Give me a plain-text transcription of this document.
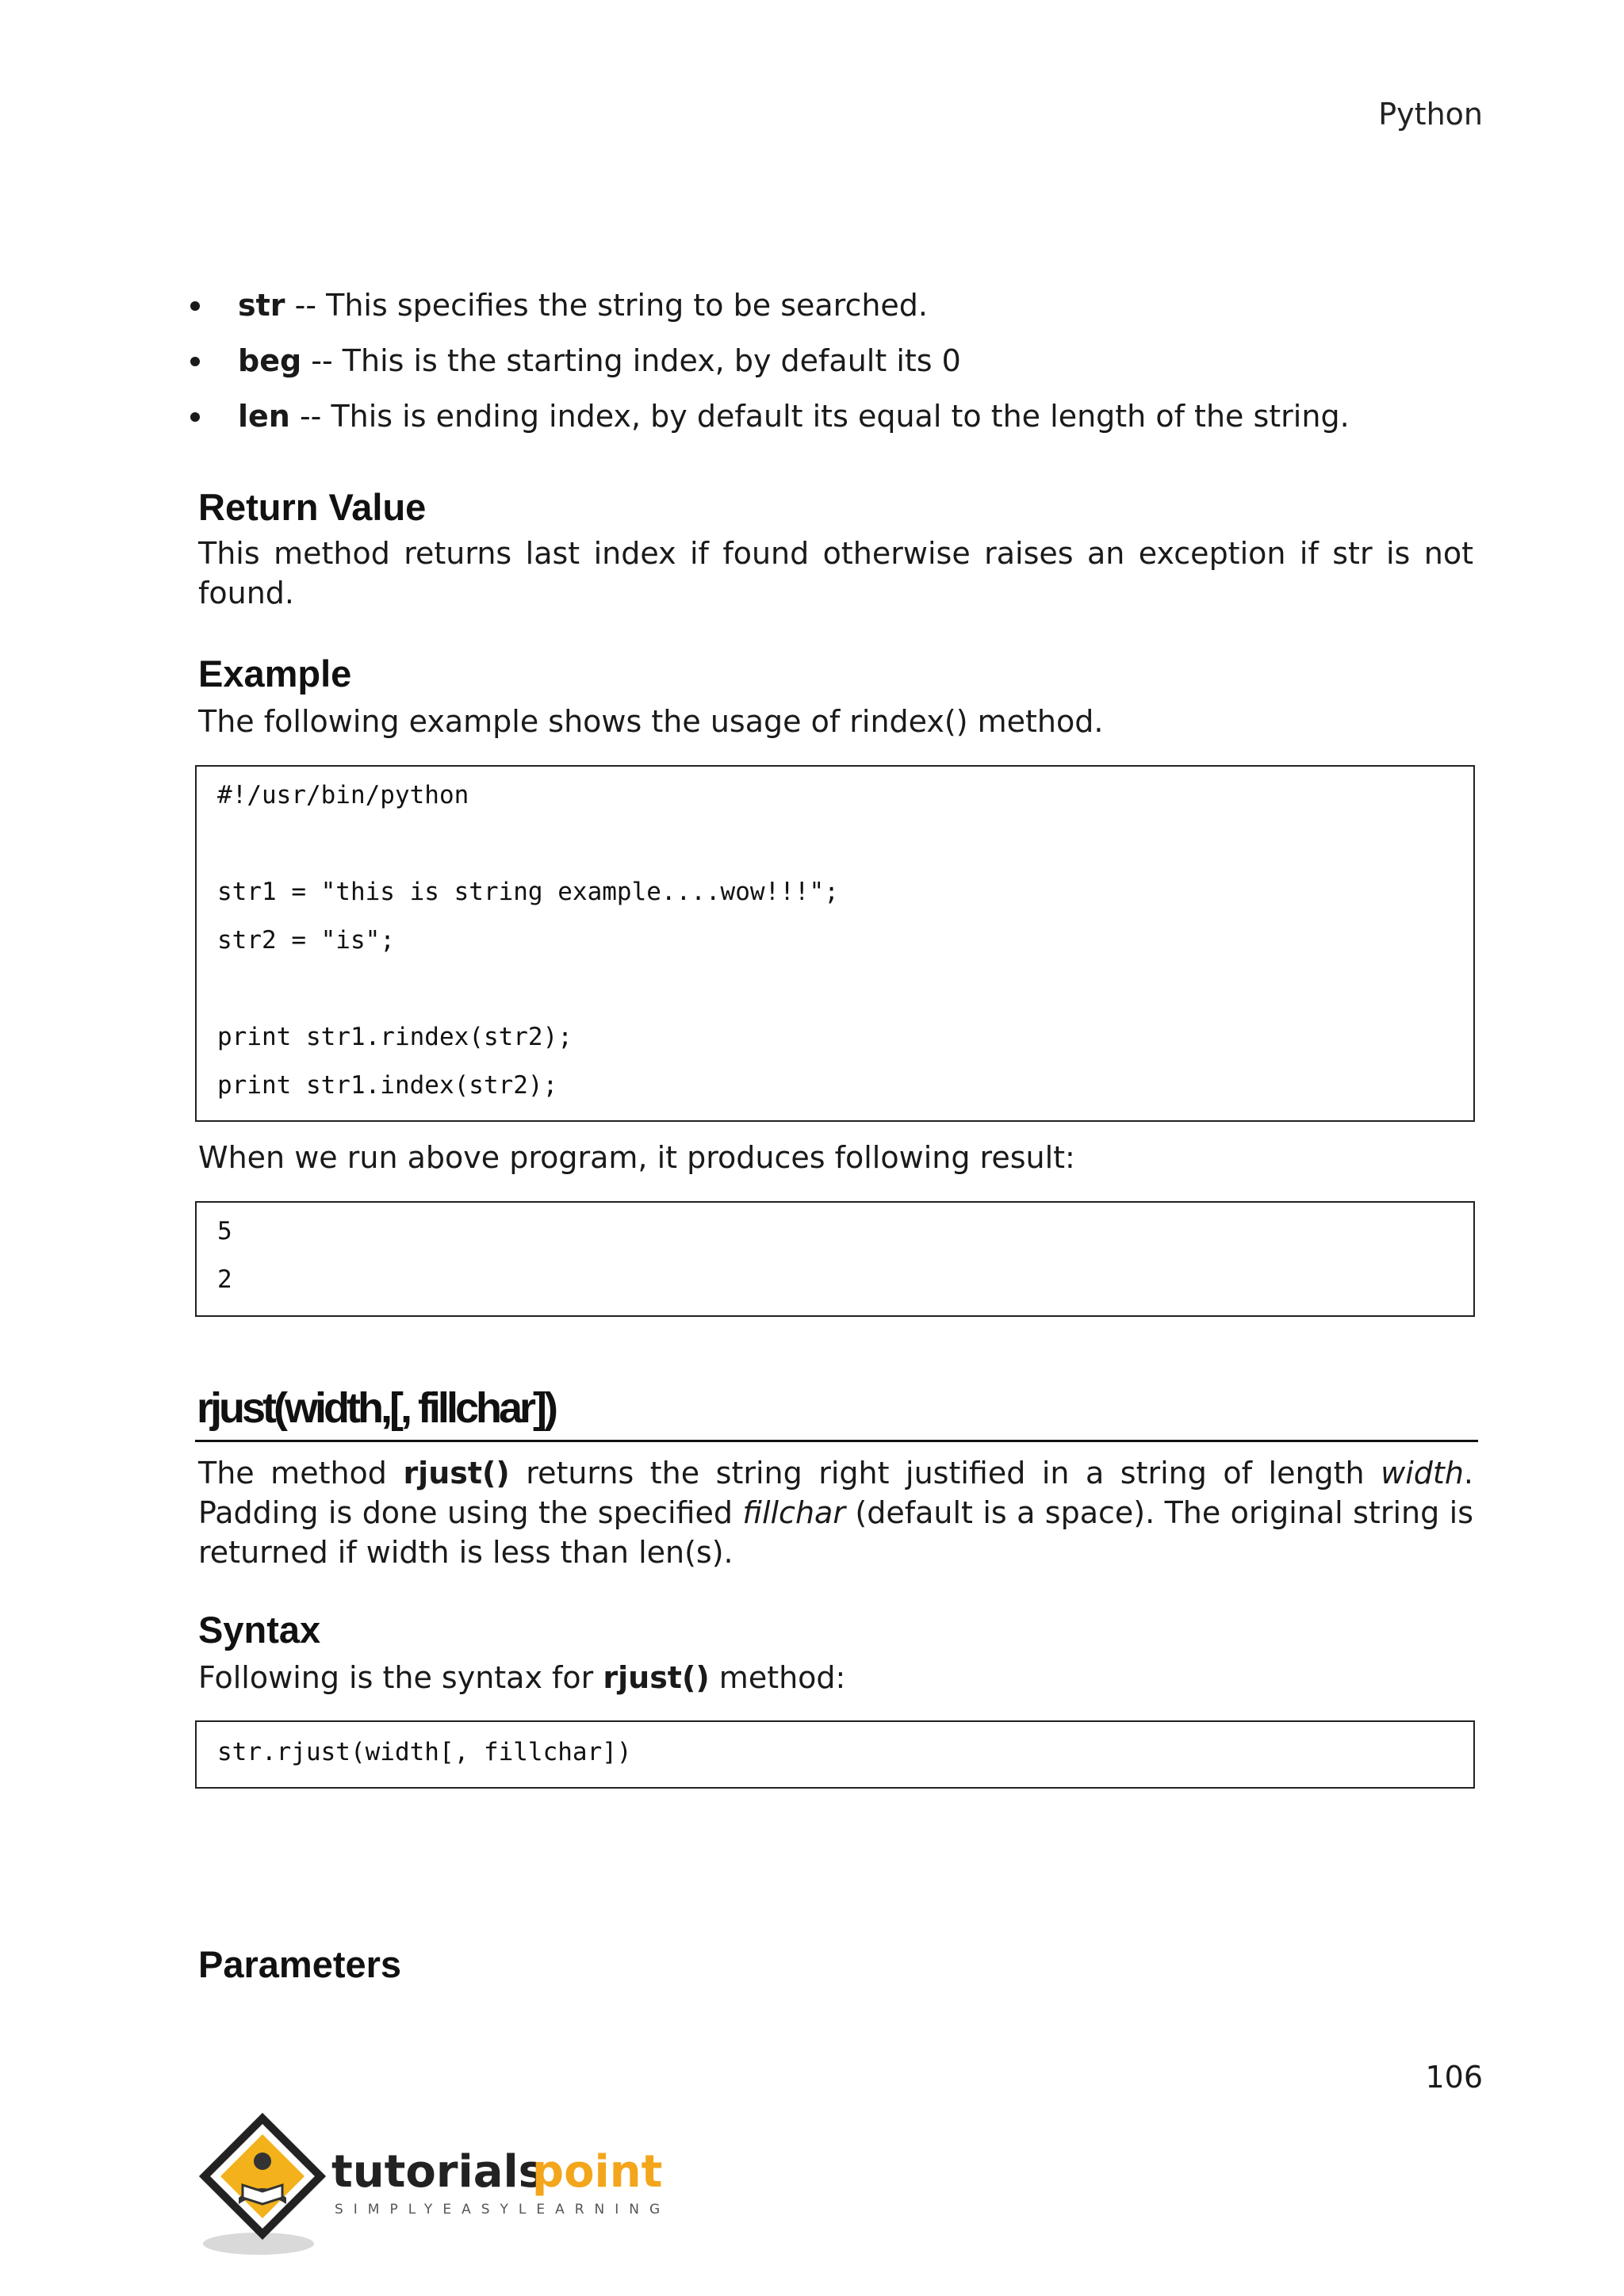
Python
str -- This specifies the string to be searched.
beg -- This is the starting index, by default its 0
len -- This is ending index, by default its equal to the length of the string.
Return Value

This method returns last index if found otherwise raises an exception if str is not found.

Example

The following example shows the usage of rindex() method.

#!/usr/bin/python
str1 = "this is string example....wow!!!";
str2 = "is";
print str1.rindex(str2);
print str1.index(str2);

When we run above program, it produces following result:

5
2
rjust(width,[, fillchar])

The method rjust() returns the string right justified in a string of length width. Padding is done using the specified fillchar (default is a space). The original string is returned if width is less than len(s).

Syntax

Following is the syntax for rjust() method:

str.rjust(width[, fillchar])
Parameters
106
tutorials
point
SIMPLYEASYLEARNING
